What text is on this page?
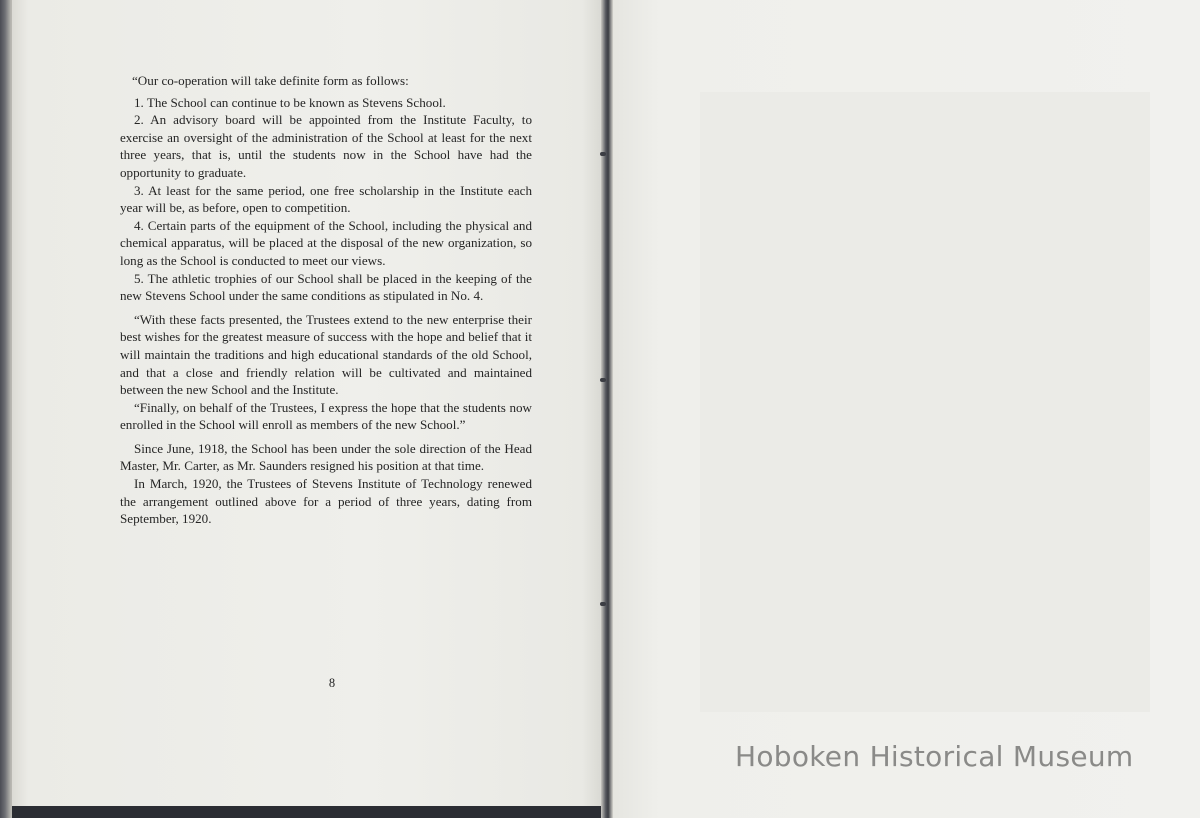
“Our co-operation will take definite form as follows:

1. The School can continue to be known as Stevens School.

2. An advisory board will be appointed from the Institute Faculty, to exercise an oversight of the administration of the School at least for the next three years, that is, until the students now in the School have had the opportunity to graduate.

3. At least for the same period, one free scholarship in the Institute each year will be, as before, open to competition.

4. Certain parts of the equipment of the School, including the physical and chemical apparatus, will be placed at the disposal of the new organization, so long as the School is conducted to meet our views.

5. The athletic trophies of our School shall be placed in the keeping of the new Stevens School under the same conditions as stipulated in No. 4.

“With these facts presented, the Trustees extend to the new enterprise their best wishes for the greatest measure of success with the hope and belief that it will maintain the traditions and high educational standards of the old School, and that a close and friendly relation will be cultivated and maintained between the new School and the Institute.

“Finally, on behalf of the Trustees, I express the hope that the students now enrolled in the School will enroll as members of the new School.”

Since June, 1918, the School has been under the sole direction of the Head Master, Mr. Carter, as Mr. Saunders resigned his position at that time.

In March, 1920, the Trustees of Stevens Institute of Technology renewed the arrangement outlined above for a period of three years, dating from September, 1920.

8
Hoboken Historical Museum
